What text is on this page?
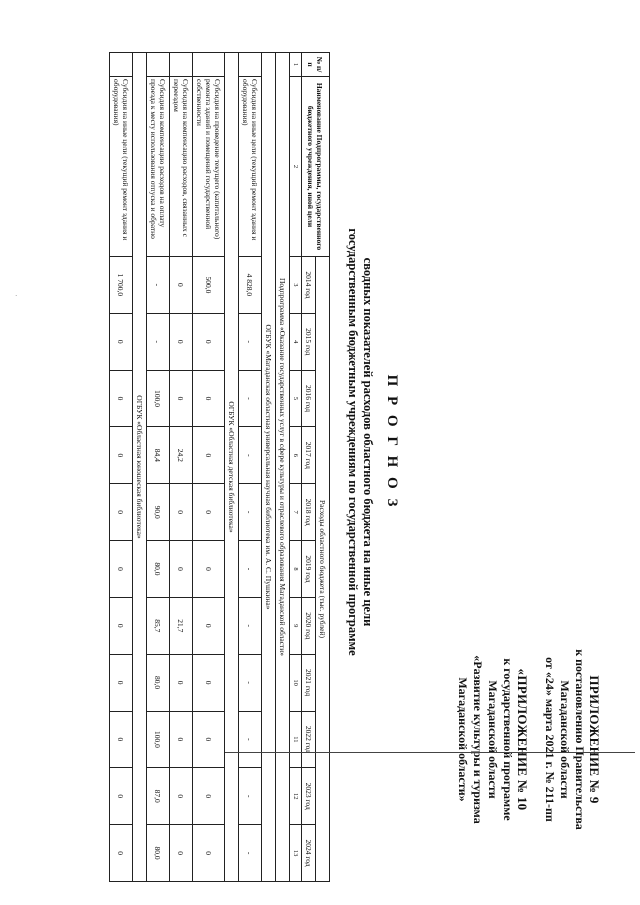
·
ПРИЛОЖЕНИЕ № 9
к постановлению Правительства
Магаданской области
от «24» марта 2021 г. № 211-пп
«ПРИЛОЖЕНИЕ № 10
к государственной программе
Магаданской области
«Развитие культуры и туризма
Магаданской области»
П Р О Г Н О З
сводных показателей расходов областного бюджета на иные цели
государственным бюджетным учреждениям по государственной программе
№ п/п	Наименование Подпрограммы, государственного бюджетного учреждения, иной цели	Расходы областного бюджета (тыс. рублей)										
		2014 год	2015 год	2016 год	2017 год	2018 год	2019 год	2020 год	2021 год	2022 год	2023 год	2024 год
1	2	3	4	5	6	7	8	9	10	11	12	13
Подпрограмма «Оказание государственных услуг в сфере культуры и отраслевого образования Магаданской области»												
ОГБУК «Магаданская областная универсальная научная библиотека им. А. С. Пушкина»												
	Субсидия на иные цели (текущий ремонт здания и оборудования)	4 828,0	-	-	-	-	-	-	-	-	-	-
ОГБУК «Областная детская библиотека»												
	Субсидия на проведение текущего (капитального) ремонта зданий и помещений государственной собственности	500,0	0	0	0	0	0	0	0	0	0	0
	Субсидия на компенсацию расходов, связанных с переездом	0	0	0	24,2	0	0	21,7	0	0	0	0
	Субсидия на компенсацию расходов на оплату проезда к месту использования отпуска и обратно	-	-	100,0	84,4	90,0	80,0	85,7	80,0	100,0	87,0	80,0
ОГБУК «Областная юношеская библиотека»												
	Субсидия на иные цели (текущий ремонт здания и оборудования)	1 700,0	0	0	0	0	0	0	0	0	0	0
